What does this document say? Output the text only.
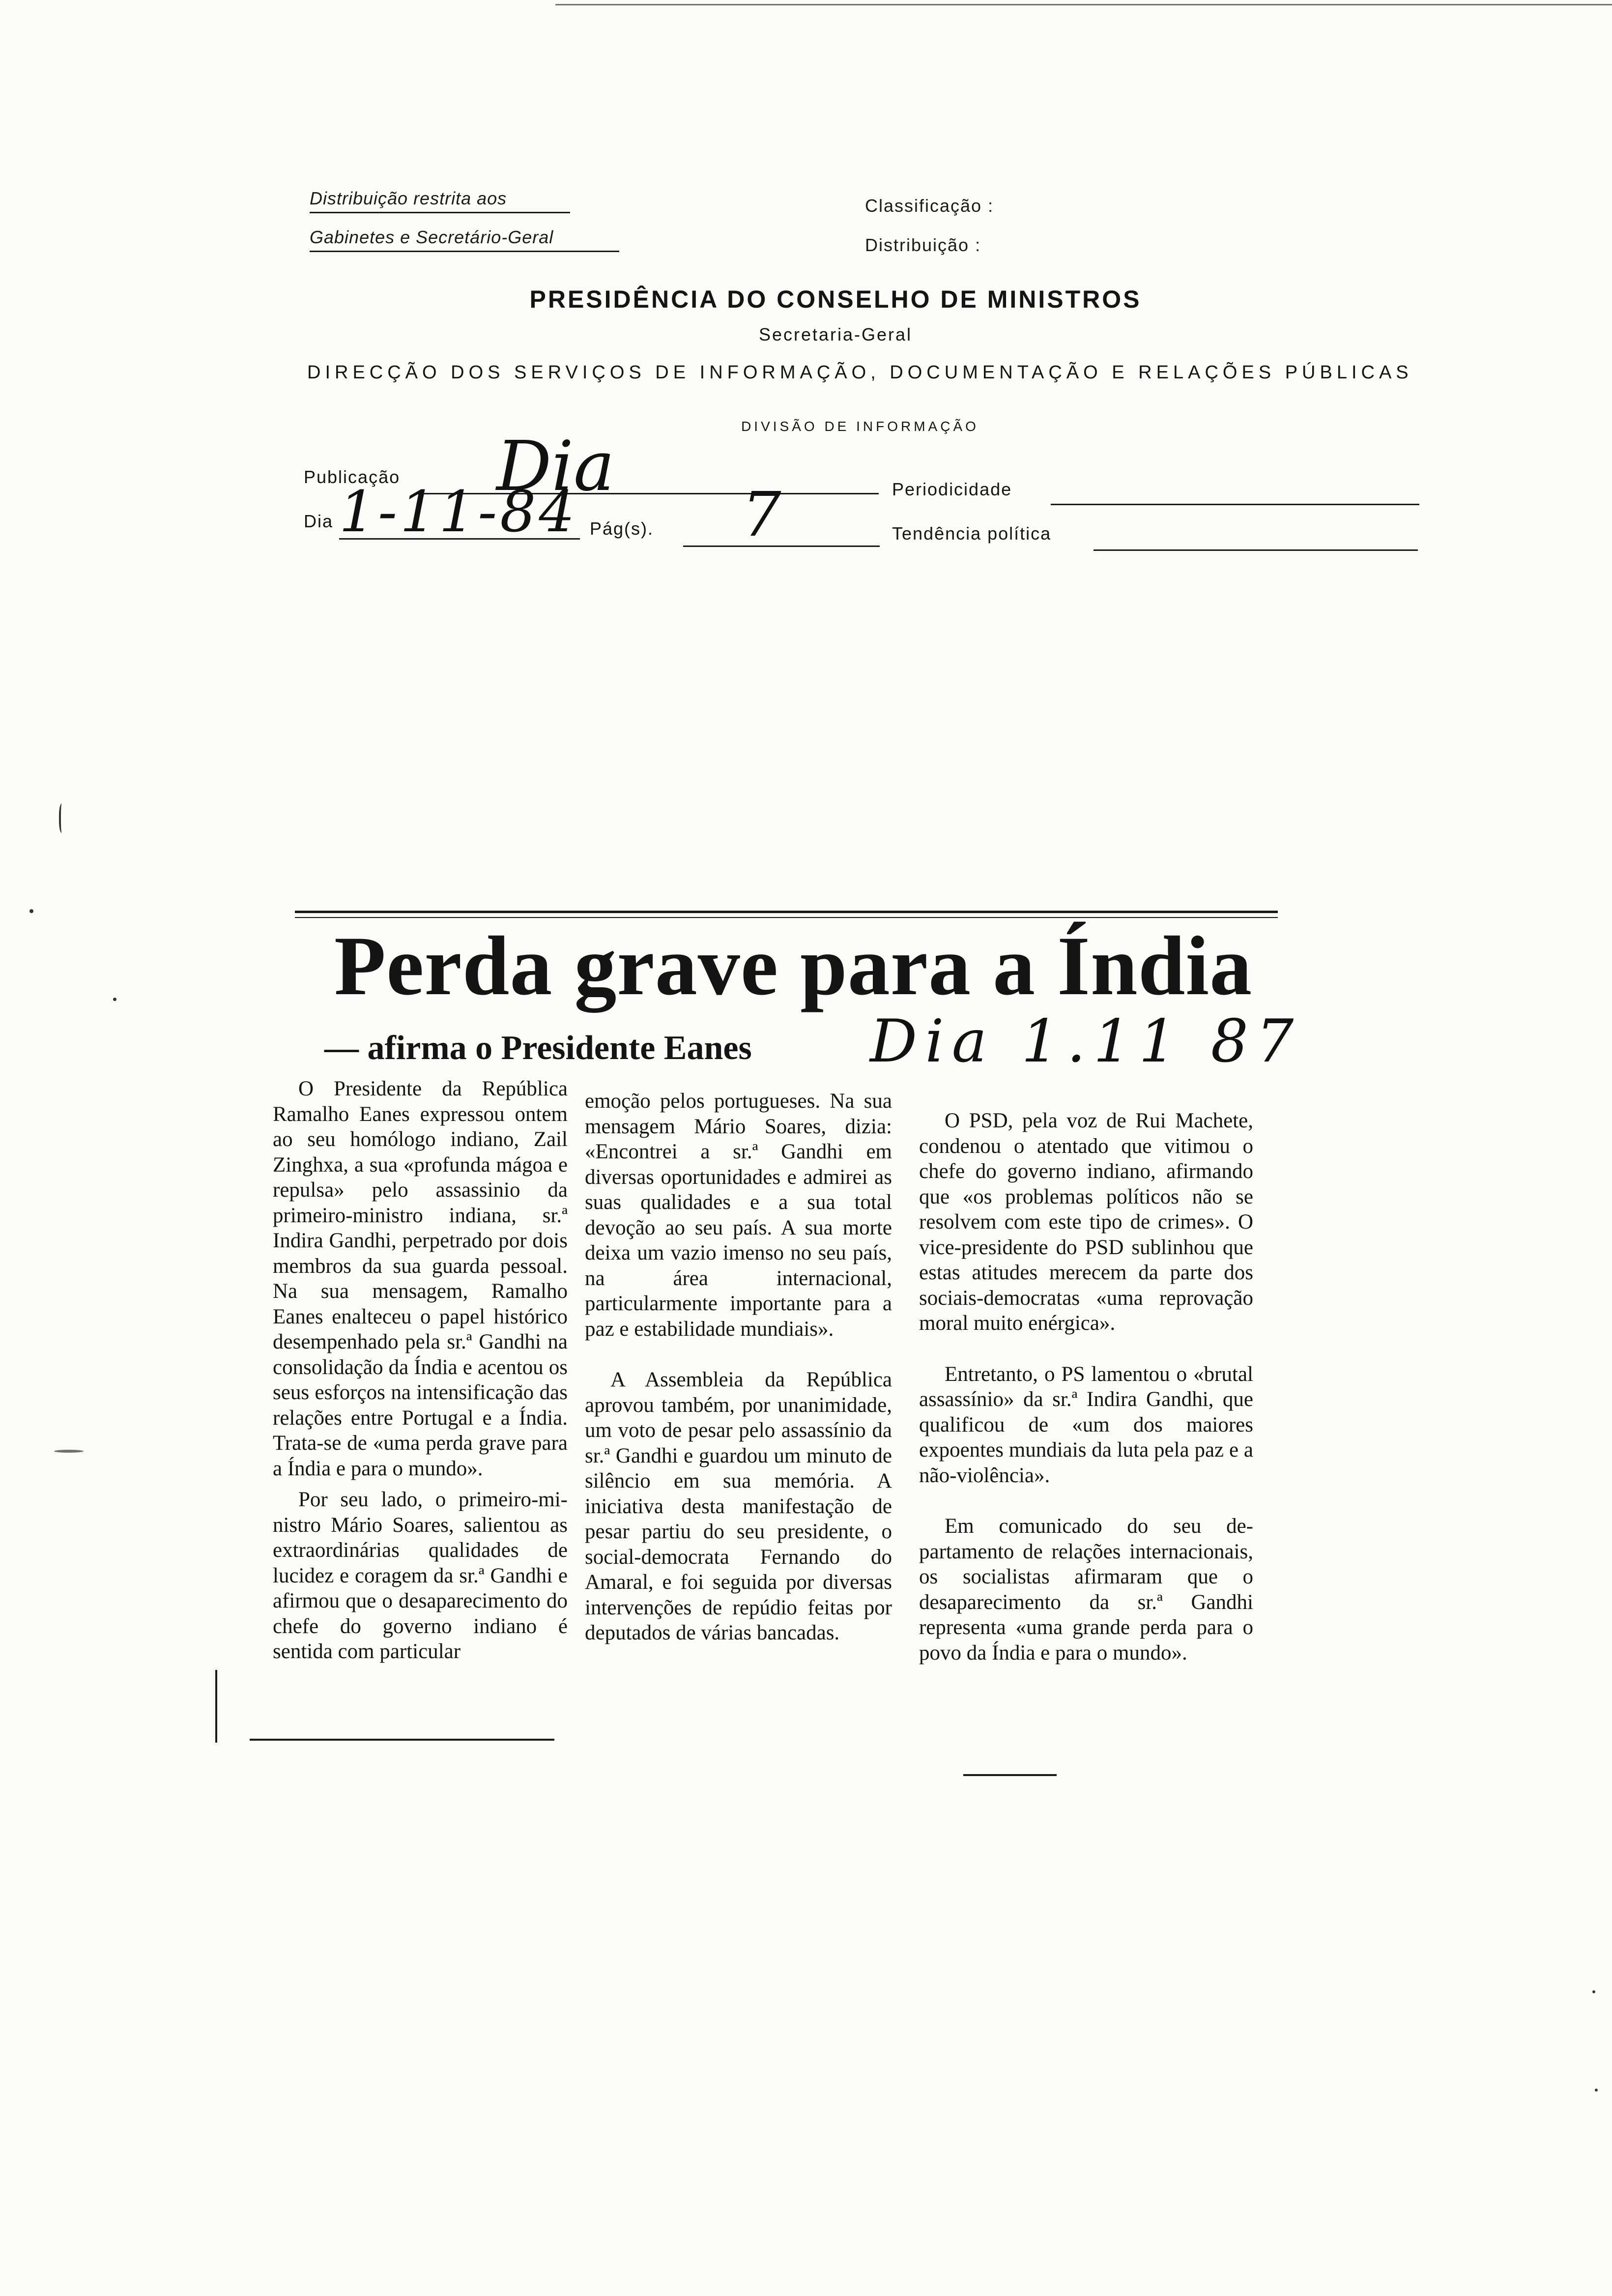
Distribuição restrita aos
Gabinetes e Secretário-Geral
Classificação :
Distribuição :
PRESIDÊNCIA DO CONSELHO DE MINISTROS
Secretaria-Geral
DIRECÇÃO DOS SERVIÇOS DE INFORMAÇÃO, DOCUMENTAÇÃO E RELAÇÕES PÚBLICAS
DIVISÃO DE INFORMAÇÃO
Publicação Dia	Periodicidade
Dia 1-11-84 Pág(s). 7	Tendência política
Perda grave para a Índia
— afirma o Presidente Eanes Dia 1.11 87

O Presidente da República Ramalho Eanes expressou ontem ao seu homólogo indiano, Zail Zinghxa, a sua «profunda mágoa e repulsa» pelo assassinio da primeiro-ministro indiana, sr.ª Indira Gandhi, perpetrado por dois membros da sua guarda pessoal. Na sua mensagem, Ramalho Eanes enalteceu o papel histórico desempenhado pela sr.ª Gandhi na consolidação da Índia e acentou os seus esforços na intensificação das relações entre Portugal e a Índia. Trata-se de «uma perda grave para a Índia e para o mundo».

Por seu lado, o primeiro-ministro Mário Soares, salientou as extraordinárias qualidades de lucidez e coragem da sr.ª Gandhi e afirmou que o desaparecimento do chefe do governo indiano é sentida com particular

emoção pelos portugueses. Na sua mensagem Mário Soares, dizia: «Encontrei a sr.ª Gandhi em diversas oportunidades e admirei as suas qualidades e a sua total devoção ao seu país. A sua morte deixa um vazio imenso no seu país, na área internacional, particularmente importante para a paz e estabilidade mundiais».

A Assembleia da República aprovou também, por unanimidade, um voto de pesar pelo assassínio da sr.ª Gandhi e guardou um minuto de silêncio em sua memória. A iniciativa desta manifestação de pesar partiu do seu presidente, o social-democrata Fernando do Amaral, e foi seguida por diversas intervenções de repúdio feitas por deputados de várias bancadas.

O PSD, pela voz de Rui Machete, condenou o atentado que vitimou o chefe do governo indiano, afirmando que «os problemas políticos não se resolvem com este tipo de crimes». O vice-presidente do PSD sublinhou que estas atitudes merecem da parte dos sociais-democratas «uma reprovação moral muito enérgica».

Entretanto, o PS lamentou o «brutal assassínio» da sr.ª Indira Gandhi, que qualificou de «um dos maiores expoentes mundiais da luta pela paz e a não-violência».

Em comunicado do seu departamento de relações internacionais, os socialistas afirmaram que o desaparecimento da sr.ª Gandhi representa «uma grande perda para o povo da Índia e para o mundo».
